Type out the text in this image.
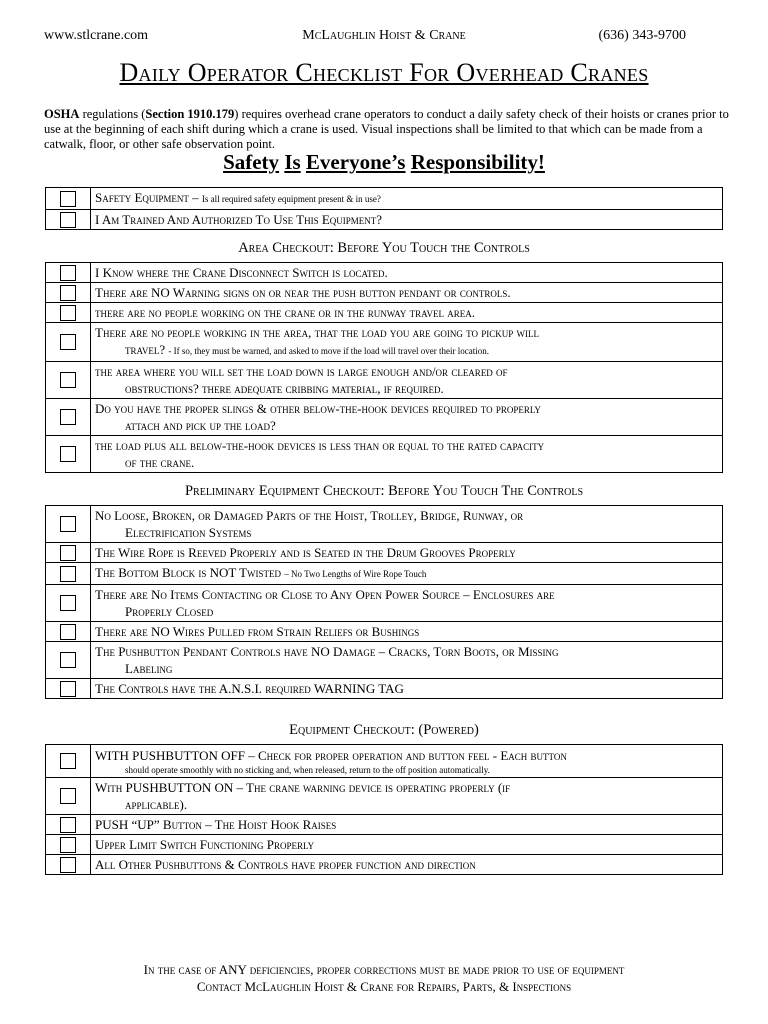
www.stlcrane.com	McLaughlin Hoist & Crane	(636) 343-9700
Daily Operator Checklist For Overhead Cranes
OSHA regulations (Section 1910.179) requires overhead crane operators to conduct a daily safety check of their hoists or cranes prior to use at the beginning of each shift during which a crane is used. Visual inspections shall be limited to that which can be made from a catwalk, floor, or other safe observation point.
Safety Is Everyone’s Responsibility!
	Safety Equipment – Is all required safety equipment present & in use?
	I Am Trained And Authorized To Use This Equipment?
Area Checkout: Before You Touch the Controls
	I Know where the Crane Disconnect Switch is located.
	There are NO Warning signs on or near the push button pendant or controls.
	there are no people working on the crane or in the runway travel area.
	There are no people working in the area, that the load you are going to pickup will
travel? - If so, they must be warned, and asked to move if the load will travel over their location.

	the area where you will set the load down is large enough and/or cleared of
obstructions? there adequate cribbing material, if required.

	Do you have the proper slings & other below-the-hook devices required to properly
attach and pick up the load?

	the load plus all below-the-hook devices is less than or equal to the rated capacity
of the crane.
Preliminary Equipment Checkout: Before You Touch The Controls
	No Loose, Broken, or Damaged Parts of the Hoist, Trolley, Bridge, Runway, or
Electrification Systems

	The Wire Rope is Reeved Properly and is Seated in the Drum Grooves Properly
	The Bottom Block is NOT Twisted – No Two Lengths of Wire Rope Touch
	There are No Items Contacting or Close to Any Open Power Source – Enclosures are
Properly Closed

	There are NO Wires Pulled from Strain Reliefs or Bushings
	The Pushbutton Pendant Controls have NO Damage – Cracks, Torn Boots, or Missing
Labeling

	The Controls have the A.N.S.I. required WARNING TAG
Equipment Checkout: (Powered)
	WITH PUSHBUTTON OFF – Check for proper operation and button feel - Each button
should operate smoothly with no sticking and, when released, return to the off position automatically.

	With PUSHBUTTON ON – The crane warning device is operating properly (if
applicable).

	PUSH “UP” Button – The Hoist Hook Raises
	Upper Limit Switch Functioning Properly
	All Other Pushbuttons & Controls have proper function and direction
In the case of ANY deficiencies, proper corrections must be made prior to use of equipment
Contact McLaughlin Hoist & Crane for Repairs, Parts, & Inspections
